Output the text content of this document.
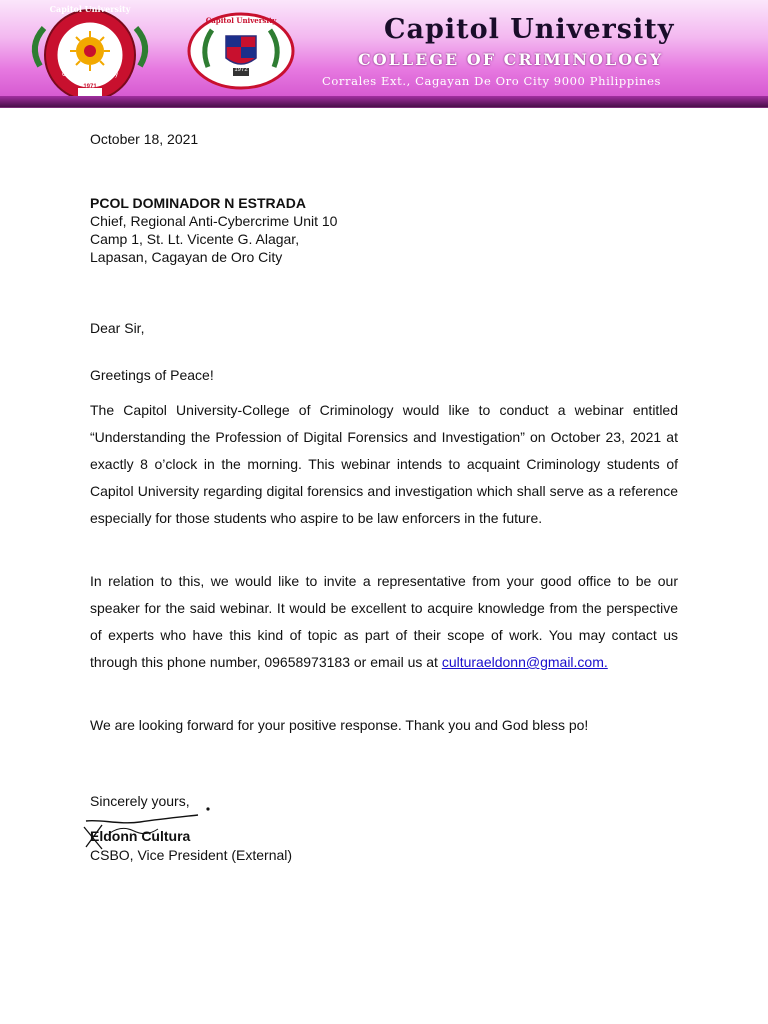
Capitol University
Cagayan de Oro City
1971
Capitol University
1972
Capitol University
COLLEGE OF CRIMINOLOGY
Corrales Ext., Cagayan De Oro City 9000 Philippines
October 18, 2021
PCOL DOMINADOR N ESTRADA
Chief, Regional Anti-Cybercrime Unit 10
Camp 1, St. Lt. Vicente G. Alagar,
Lapasan, Cagayan de Oro City
Dear Sir,
Greetings of Peace!

The Capitol University-College of Criminology would like to conduct a webinar entitled “Understanding the Profession of Digital Forensics and Investigation” on October 23, 2021 at exactly 8 o’clock in the morning. This webinar intends to acquaint Criminology students of Capitol University regarding digital forensics and investigation which shall serve as a reference especially for those students who aspire to be law enforcers in the future.

In relation to this, we would like to invite a representative from your good office to be our speaker for the said webinar. It would be excellent to acquire knowledge from the perspective of experts who have this kind of topic as part of their scope of work. You may contact us through this phone number, 09658973183 or email us at culturaeldonn@gmail.com.

We are looking forward for your positive response. Thank you and God bless po!

Sincerely yours,
Eldonn Cultura
CSBO, Vice President (External)
